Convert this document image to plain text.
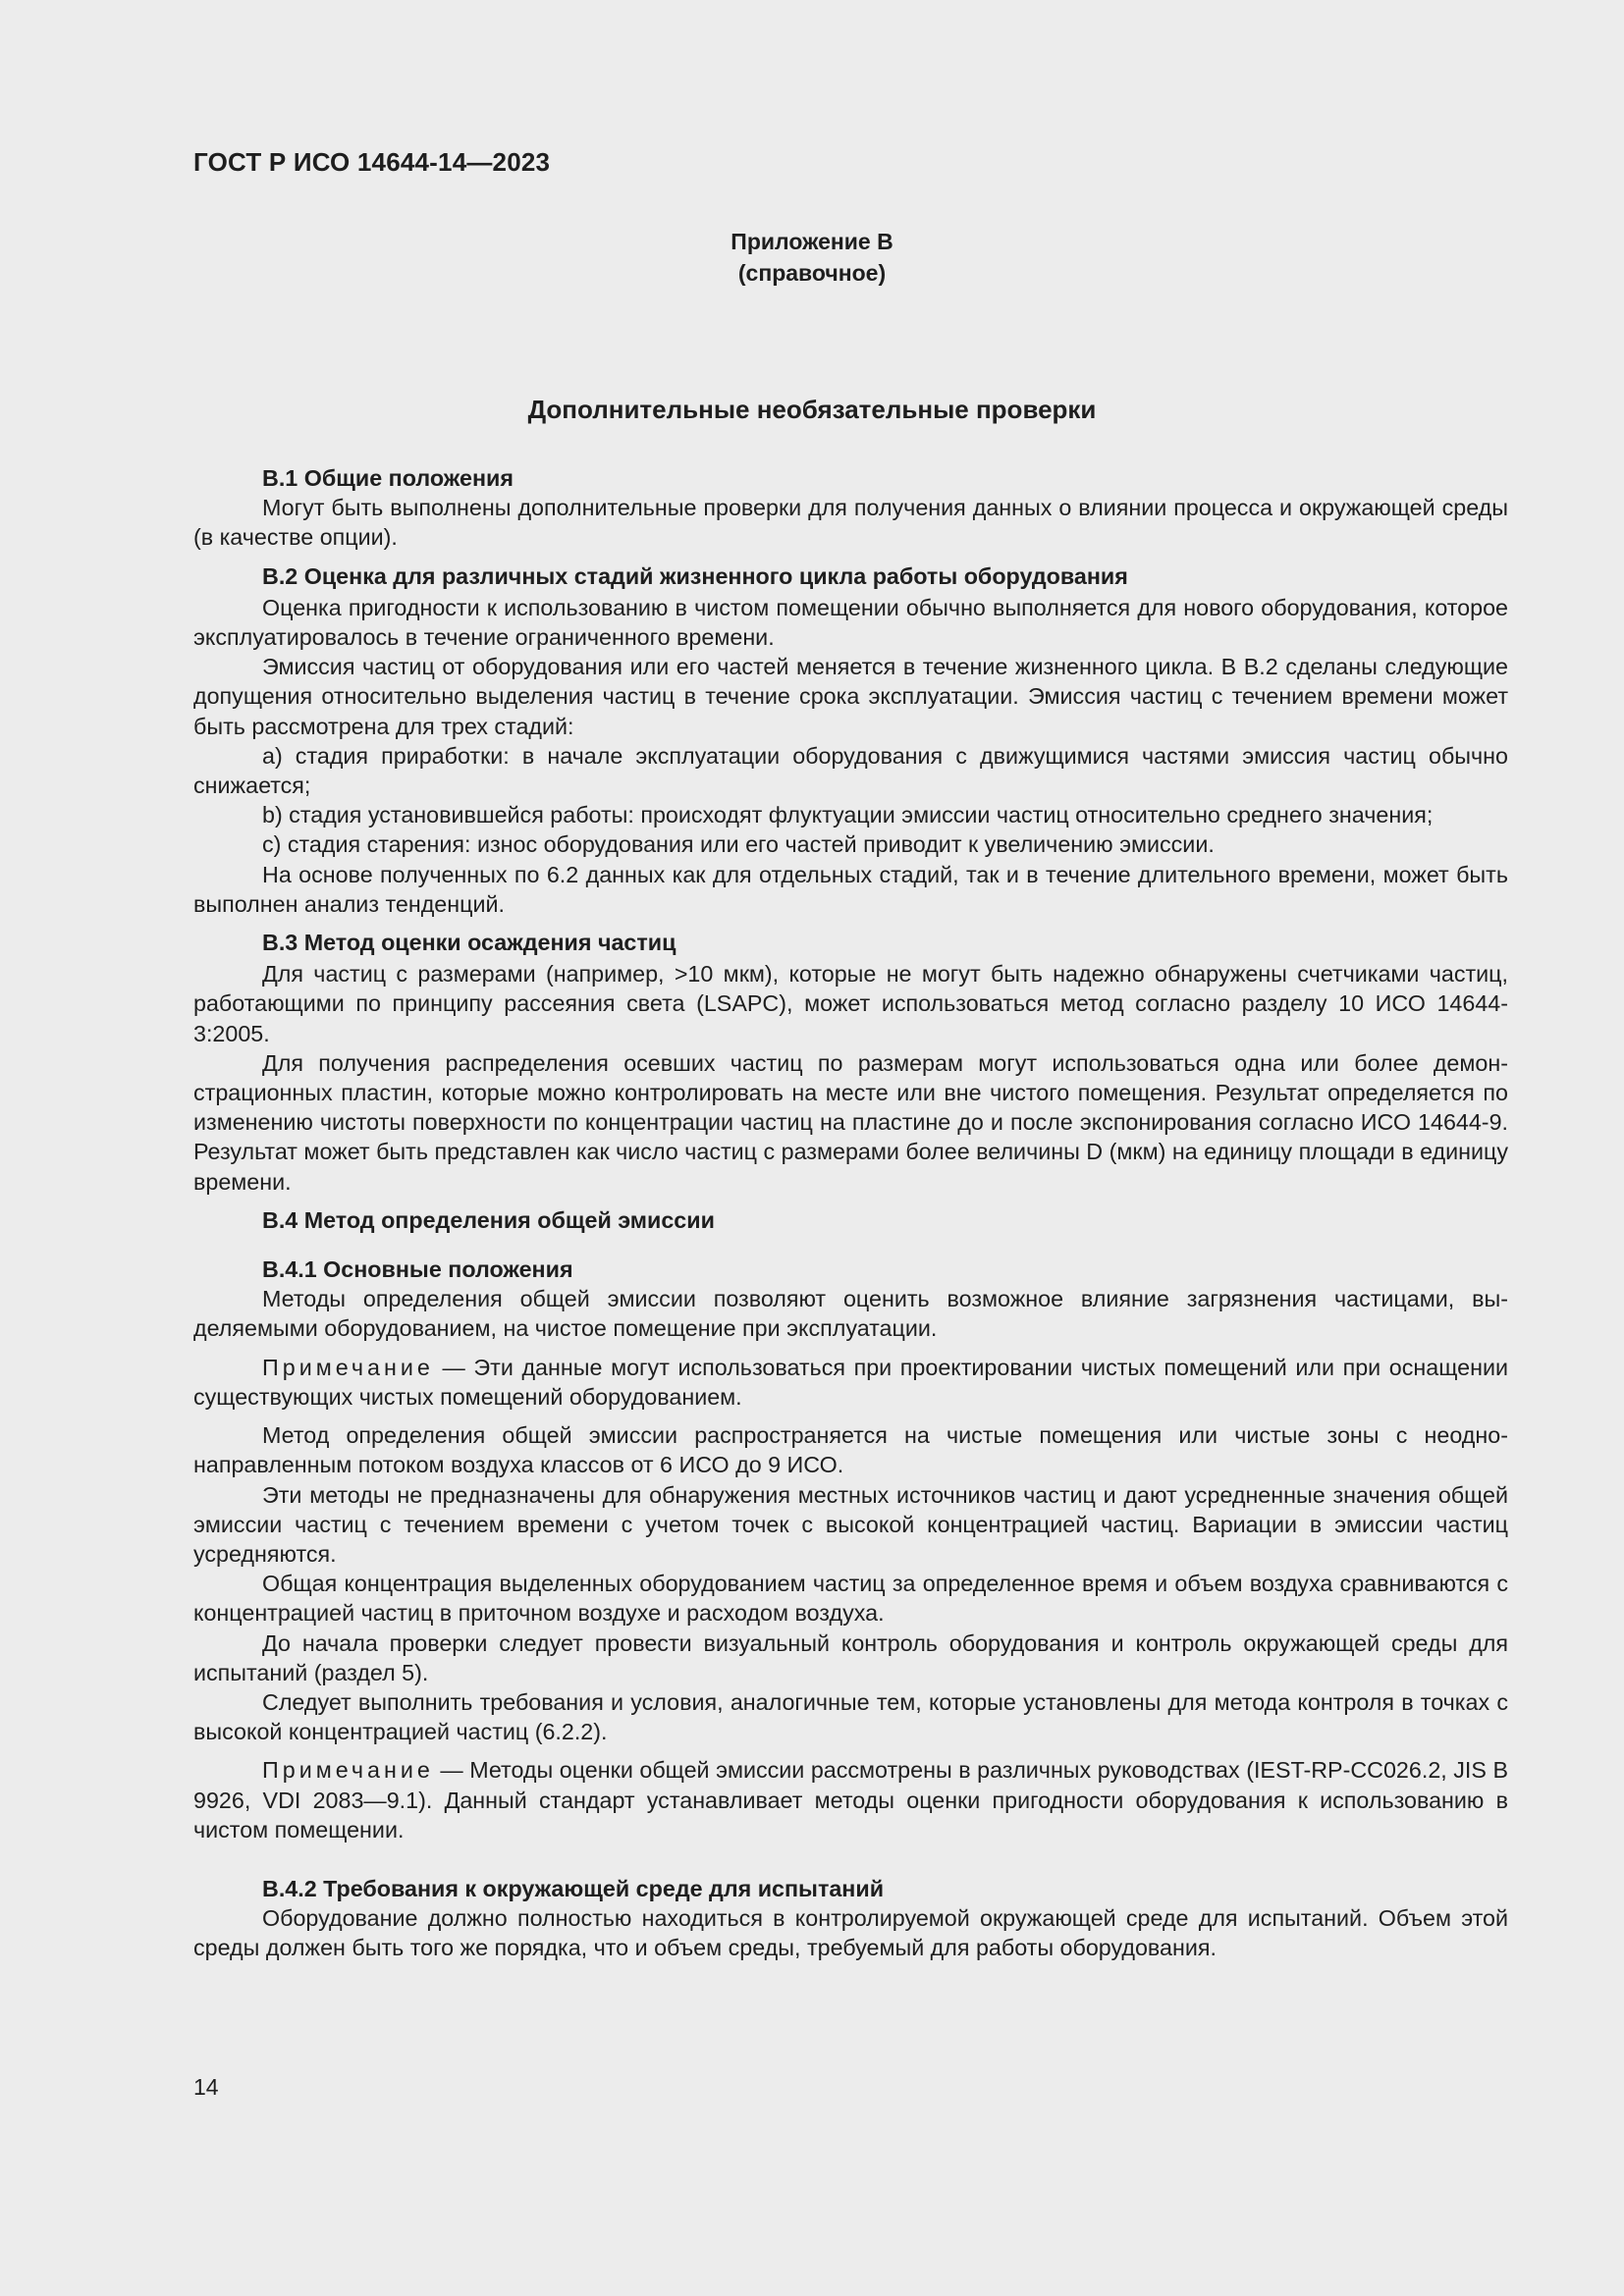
ГОСТ Р ИСО 14644-14—2023
Приложение В
(справочное)
Дополнительные необязательные проверки
В.1 Общие положения

Могут быть выполнены дополнительные проверки для получения данных о влиянии процесса и окружающей среды (в качестве опции).

В.2 Оценка для различных стадий жизненного цикла работы оборудования

Оценка пригодности к использованию в чистом помещении обычно выполняется для нового оборудования, которое эксплуатировалось в течение ограниченного времени.

Эмиссия частиц от оборудования или его частей меняется в течение жизненного цикла. В В.2 сделаны следующие допущения относительно выделения частиц в течение срока эксплуатации. Эмиссия частиц с течением времени может быть рассмотрена для трех стадий:

a) стадия приработки: в начале эксплуатации оборудования с движущимися частями эмиссия частиц обычно снижается;

b) стадия установившейся работы: происходят флуктуации эмиссии частиц относительно среднего значения;

c) стадия старения: износ оборудования или его частей приводит к увеличению эмиссии.

На основе полученных по 6.2 данных как для отдельных стадий, так и в течение длительного времени, может быть выполнен анализ тенденций.

В.3 Метод оценки осаждения частиц

Для частиц с размерами (например, >10 мкм), которые не могут быть надежно обнаружены счетчиками частиц, работающими по принципу рассеяния света (LSAPC), может использоваться метод согласно разделу 10 ИСО 14644-3:2005.

Для получения распределения осевших частиц по размерам могут использоваться одна или более демонстрационных пластин, которые можно контролировать на месте или вне чистого помещения. Результат определяется по изменению чистоты поверхности по концентрации частиц на пластине до и после экспонирования согласно ИСО 14644-9. Результат может быть представлен как число частиц с размерами более величины D (мкм) на единицу площади в единицу времени.

В.4 Метод определения общей эмиссии
В.4.1 Основные положения

Методы определения общей эмиссии позволяют оценить возможное влияние загрязнения частицами, выделяемыми оборудованием, на чистое помещение при эксплуатации.

Примечание — Эти данные могут использоваться при проектировании чистых помещений или при оснащении существующих чистых помещений оборудованием.

Метод определения общей эмиссии распространяется на чистые помещения или чистые зоны с неоднонаправленным потоком воздуха классов от 6 ИСО до 9 ИСО.

Эти методы не предназначены для обнаружения местных источников частиц и дают усредненные значения общей эмиссии частиц с течением времени с учетом точек с высокой концентрацией частиц. Вариации в эмиссии частиц усредняются.

Общая концентрация выделенных оборудованием частиц за определенное время и объем воздуха сравниваются с концентрацией частиц в приточном воздухе и расходом воздуха.

До начала проверки следует провести визуальный контроль оборудования и контроль окружающей среды для испытаний (раздел 5).

Следует выполнить требования и условия, аналогичные тем, которые установлены для метода контроля в точках с высокой концентрацией частиц (6.2.2).

Примечание — Методы оценки общей эмиссии рассмотрены в различных руководствах (IEST-RP-CC026.2, JIS B 9926, VDI 2083—9.1). Данный стандарт устанавливает методы оценки пригодности оборудования к использованию в чистом помещении.

В.4.2 Требования к окружающей среде для испытаний

Оборудование должно полностью находиться в контролируемой окружающей среде для испытаний. Объем этой среды должен быть того же порядка, что и объем среды, требуемый для работы оборудования.

14
